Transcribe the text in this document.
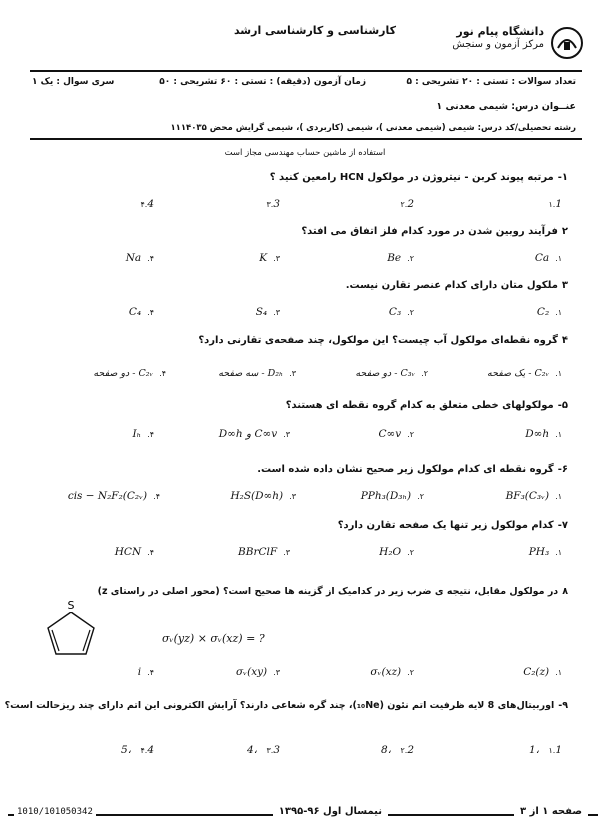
دانشگاه پیام نور
مرکز آزمون و سنجش
کارشناسی و کارشناسی ارشد
تعداد سوالات : تستی : ۲۰ تشریحی : ۵
زمان آزمون (دقیقه) : تستی : ۶۰ تشریحی : ۵۰
سری سوال : یک ۱
عنــوان درس: شیمی معدنی ۱
رشته تحصیلی/کد درس: شیمی (شیمی معدنی )، شیمی (کاربردی )، شیمی گرایش محض ۱۱۱۴۰۳۵
استفاده از ماشین حساب مهندسی مجاز است
۱-مرتبه پیوند کربن - نیتروژن در مولکول HCN رامعین کنید ؟
۱.1
۲.2
۳.3
۴.4
۲فرآیند روبین شدن در مورد کدام فلز اتفاق می افتد؟
۱.Ca
۲.Be
۳.K
۴.Na
۳ملکول متان دارای کدام عنصر تقارن نیست.
۱.C₂
۲.C₃
۳.S₄
۴.C₄
۴گروه نقطه‌ای مولکول آب چیست؟ این مولکول، چند صفحه‌ی تقارنی دارد؟
۱.C₂ᵥ - یک صفحه
۲.C₃ᵥ - دو صفحه
۳.D₂ₕ - سه صفحه
۴.C₂ᵥ - دو صفحه
۵-مولکولهای خطی متعلق به کدام گروه نقطه ای هستند؟
۱.D∞h
۲.C∞v
۳.C∞v و D∞h
۴.Iₕ
۶-گروه نقطه ای کدام مولکول زیر صحیح نشان داده شده است.
۱.BF₃(C₃ᵥ)
۲.PPh₃(D₃ₕ)
۳.H₂S(D∞h)
۴.cis − N₂F₂(C₂ᵥ)
۷-کدام مولکول زیر تنها یک صفحه تقارن دارد؟
۱.PH₃
۲.H₂O
۳.BBrClF
۴.HCN
۸در مولکول مقابل، نتیجه ی ضرب زیر در کدامیک از گزینه ها صحیح است؟ (محور اصلی در راستای z)
S
σᵥ(yz) × σᵥ(xz) = ?
۱.C₂(z)
۲.σᵥ(xz)
۳.σᵥ(xy)
۴.i
۹-اوربیتال‌های 8 لایه ظرفیت اتم نئون (₁₀Ne)، چند گره شعاعی دارند؟ آرایش الکترونی این اتم دارای چند ریزحالت است؟
۱.1 ،1
۲.2 ،8
۳.3 ،4
۴.4 ،5
صفحه ۱ از ۳
نیمسال اول ۹۶-۱۳۹۵
1010/101050342
